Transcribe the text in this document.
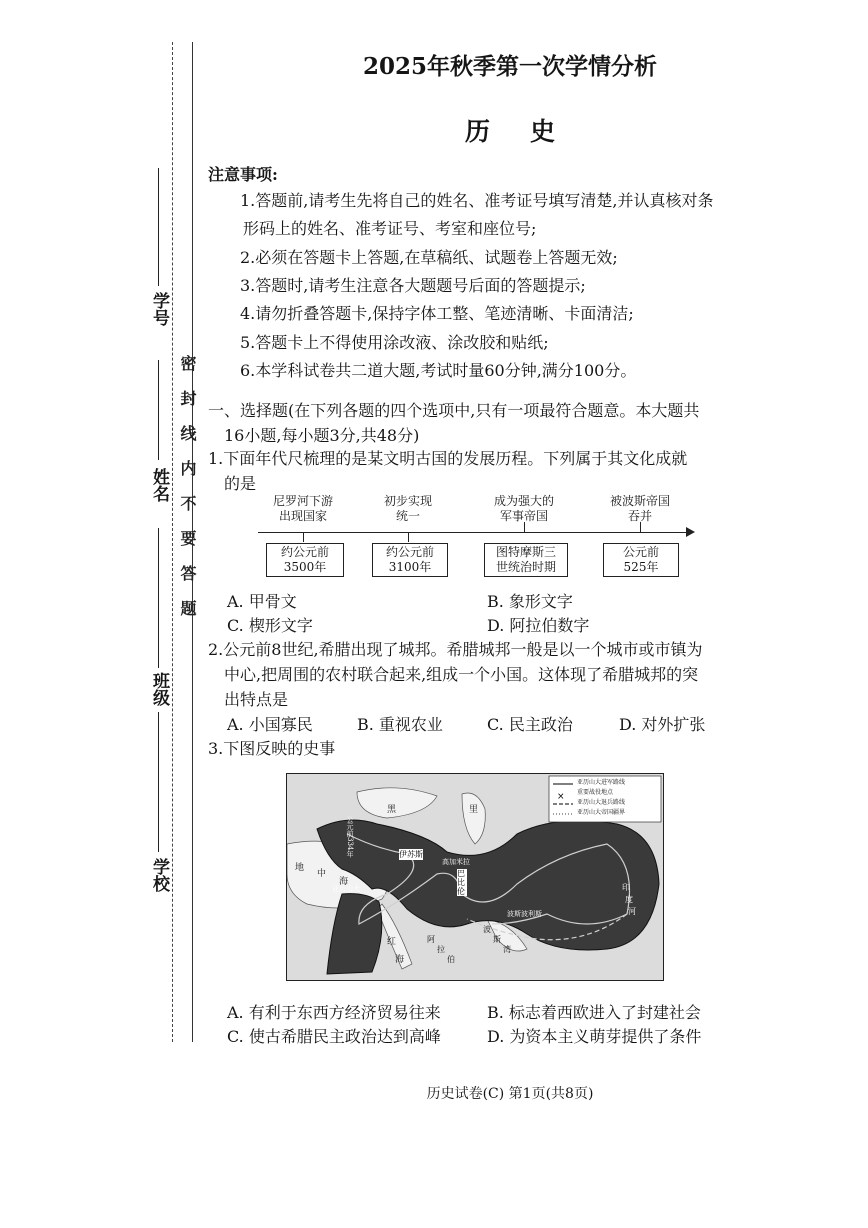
学号
姓名
班级
学校
密封线内不要答题
2025年秋季第一次学情分析
历史
注意事项:
1.答题前,请考生先将自己的姓名、准考证号填写清楚,并认真核对条
形码上的姓名、准考证号、考室和座位号;
2.必须在答题卡上答题,在草稿纸、试题卷上答题无效;
3.答题时,请考生注意各大题题号后面的答题提示;
4.请勿折叠答题卡,保持字体工整、笔迹清晰、卡面清洁;
5.答题卡上不得使用涂改液、涂改胶和贴纸;
6.本学科试卷共二道大题,考试时量60分钟,满分100分。
一、选择题(在下列各题的四个选项中,只有一项最符合题意。本大题共
16小题,每小题3分,共48分)
1.下面年代尺梳理的是某文明古国的发展历程。下列属于其文化成就
的是
尼罗河下游
出现国家
约公元前
3500年
初步实现
统一
约公元前
3100年
成为强大的
军事帝国
图特摩斯三
世统治时期
被波斯帝国
吞并
公元前
525年
A. 甲骨文	B. 象形文字
C. 楔形文字	D. 阿拉伯数字
2.公元前8世纪,希腊出现了城邦。希腊城邦一般是以一个城市或市镇为
中心,把周围的农村联合起来,组成一个小国。这体现了希腊城邦的突
出特点是
A. 小国寡民	B. 重视农业	C. 民主政治	D. 对外扩张
3.下图反映的史事
×
亚历山大进军路线
重要战役地点
亚历山大退兵路线
亚历山大帝国疆界
黑	里
地
中
海
伊苏斯
高加米拉
巴比伦
亚历山大
波斯波利斯
红
海
阿
拉
伯
波
斯
湾
印
度
河
公元前334年
A. 有利于东西方经济贸易往来	B. 标志着西欧进入了封建社会
C. 使古希腊民主政治达到高峰	D. 为资本主义萌芽提供了条件
历史试卷(C) 第1页(共8页)
